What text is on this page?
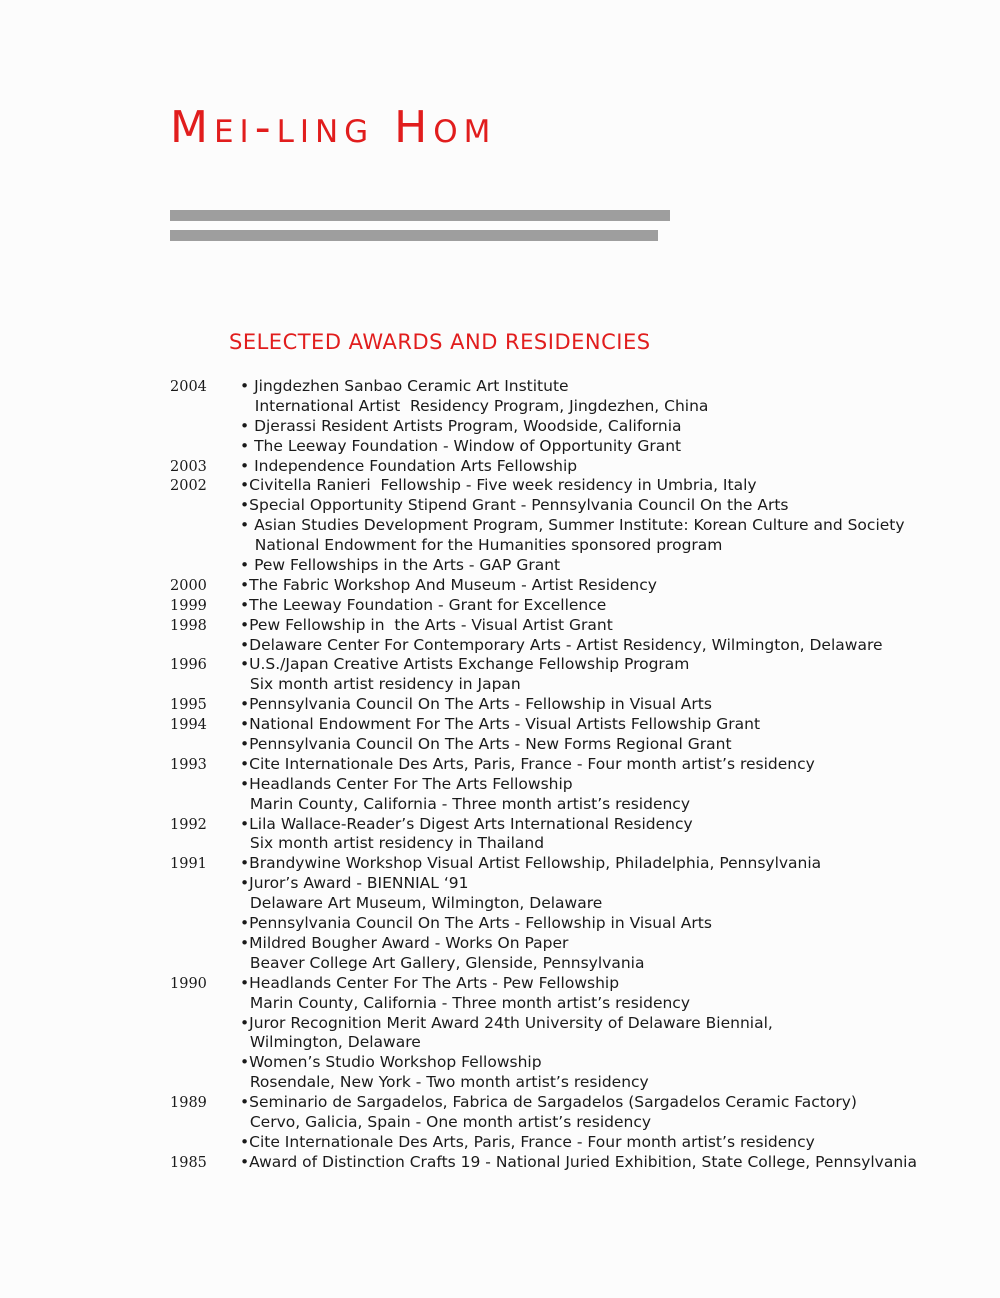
Mei-ling Hom
SELECTED AWARDS AND RESIDENCIES
2004	• Jingdezhen Sanbao Ceramic Art Institute
International Artist  Residency Program, Jingdezhen, China
• Djerassi Resident Artists Program, Woodside, California
• The Leeway Foundation - Window of Opportunity Grant
2003	• Independence Foundation Arts Fellowship
2002	•Civitella Ranieri  Fellowship - Five week residency in Umbria, Italy
•Special Opportunity Stipend Grant - Pennsylvania Council On the Arts
• Asian Studies Development Program, Summer Institute: Korean Culture and Society
National Endowment for the Humanities sponsored program
• Pew Fellowships in the Arts - GAP Grant
2000	•The Fabric Workshop And Museum - Artist Residency
1999	•The Leeway Foundation - Grant for Excellence
1998	•Pew Fellowship in  the Arts - Visual Artist Grant
•Delaware Center For Contemporary Arts - Artist Residency, Wilmington, Delaware
1996	•U.S./Japan Creative Artists Exchange Fellowship Program
Six month artist residency in Japan
1995	•Pennsylvania Council On The Arts - Fellowship in Visual Arts
1994	•National Endowment For The Arts - Visual Artists Fellowship Grant
•Pennsylvania Council On The Arts - New Forms Regional Grant
1993	•Cite Internationale Des Arts, Paris, France - Four month artist’s residency
•Headlands Center For The Arts Fellowship
Marin County, California - Three month artist’s residency
1992	•Lila Wallace-Reader’s Digest Arts International Residency
Six month artist residency in Thailand
1991	•Brandywine Workshop Visual Artist Fellowship, Philadelphia, Pennsylvania
•Juror’s Award - BIENNIAL ‘91
Delaware Art Museum, Wilmington, Delaware
•Pennsylvania Council On The Arts - Fellowship in Visual Arts
•Mildred Bougher Award - Works On Paper
Beaver College Art Gallery, Glenside, Pennsylvania
1990	•Headlands Center For The Arts - Pew Fellowship
Marin County, California - Three month artist’s residency
•Juror Recognition Merit Award 24th University of Delaware Biennial,
Wilmington, Delaware
•Women’s Studio Workshop Fellowship
Rosendale, New York - Two month artist’s residency
1989	•Seminario de Sargadelos, Fabrica de Sargadelos (Sargadelos Ceramic Factory)
Cervo, Galicia, Spain - One month artist’s residency
•Cite Internationale Des Arts, Paris, France - Four month artist’s residency
1985	•Award of Distinction Crafts 19 - National Juried Exhibition, State College, Pennsylvania
